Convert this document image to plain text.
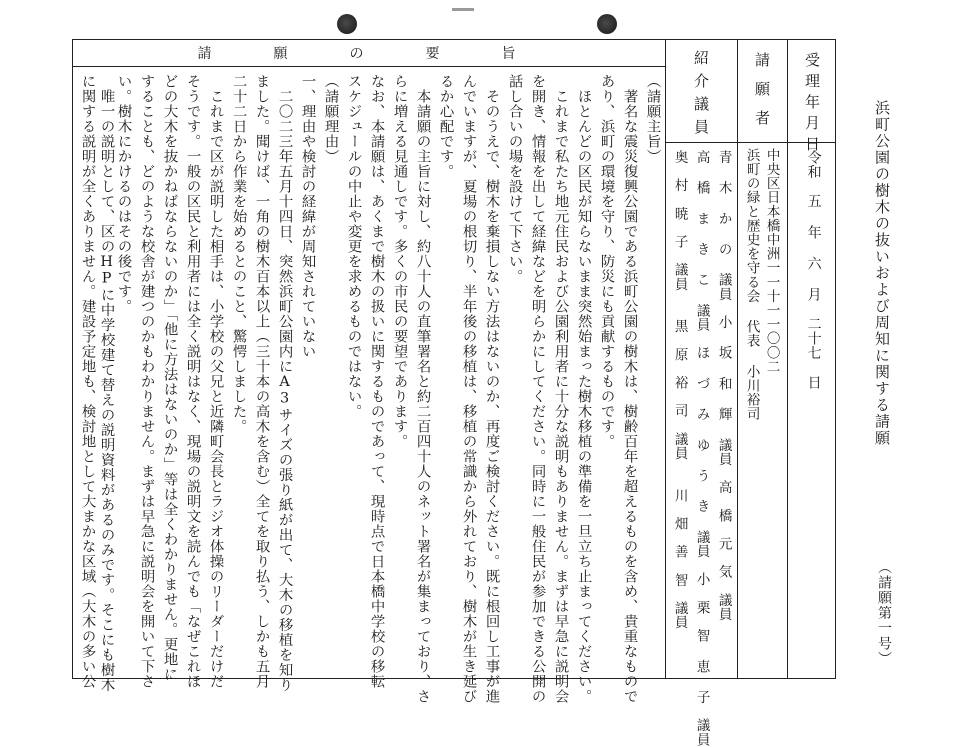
浜町公園の樹木の抜いおよび周知に関する請願
（請願第一号）
受理年月日
請願者
紹介議員
令和　五 年 六 月　二十七　日
中央区日本橋中洲一一十一一〇〇二
浜町の緑と歴史を守る会 代表 小川裕司
青 木 か の 議員　小 坂 和 輝 議員　高　橋　元　気　議員
高 橋 ま き こ 議員　ほ づ み ゆ う き 議員　小　栗　智 恵 子　議員
奥　村　暁　子　議員　　黒　原　裕　司　議員　　川　畑　善　智　議員
請　願　の　要　旨
（請願主旨）
　著名な震災復興公園である浜町公園の樹木は、樹齢百年を超えるものを含め、貴重なもので
あり、浜町の環境を守り、防災にも貢献するものです。
　ほとんどの区民が知らないまま突然始まった樹木移植の準備を一旦立ち止まってください。
　これまで私たち地元住民および公園利用者に十分な説明もありません。まずは早急に説明会
を開き、情報を出して経緯などを明らかにしてください。同時に一般住民が参加できる公開の
話し合いの場を設けて下さい。
　そのうえで、樹木を棄損しない方法はないのか、再度ご検討ください。既に根回し工事が進
んでいますが、夏場の根切り、半年後の移植は、移植の常識から外れており、樹木が生き延び
るか心配です。
　本請願の主旨に対し、約八十人の直筆署名と約二百四十人のネット署名が集まっており、さ
らに増える見通しです。多くの市民の要望であります。
なお、本請願は、あくまで樹木の扱いに関するものであって、現時点で日本橋中学校の移転
スケジュールの中止や変更を求めるものではない。
（請願理由）
一、理由や検討の経緯が周知されていない
　二〇二三年五月十四日、突然浜町公園内にA3サイズの張り紙が出て、大木の移植を知り
ました。聞けば、一角の樹木百本以上（三十本の高木を含む）全てを取り払う、しかも五月
二十二日から作業を始めるとのこと、驚愕しました。
　これまで区が説明した相手は、小学校の父兄と近隣町会長とラジオ体操のリーダーだけだ
そうです。一般の区民と利用者には全く説明はなく、現場の説明文を読んでも「なぜこれほ
どの大木を抜かねばならないのか」「他に方法はないのか」等は全くわかりません。更地に
することも、どのような校舎が建つのかもわかりません。まずは早急に説明会を開いて下さ
い。樹木にかけるのはその後です。
　唯一の説明として、区のHPに中学校建て替えの説明資料があるのみです。そこにも樹木
に関する説明が全くありません。建設予定地も、検討地として大まかな区域（大木の多い公
